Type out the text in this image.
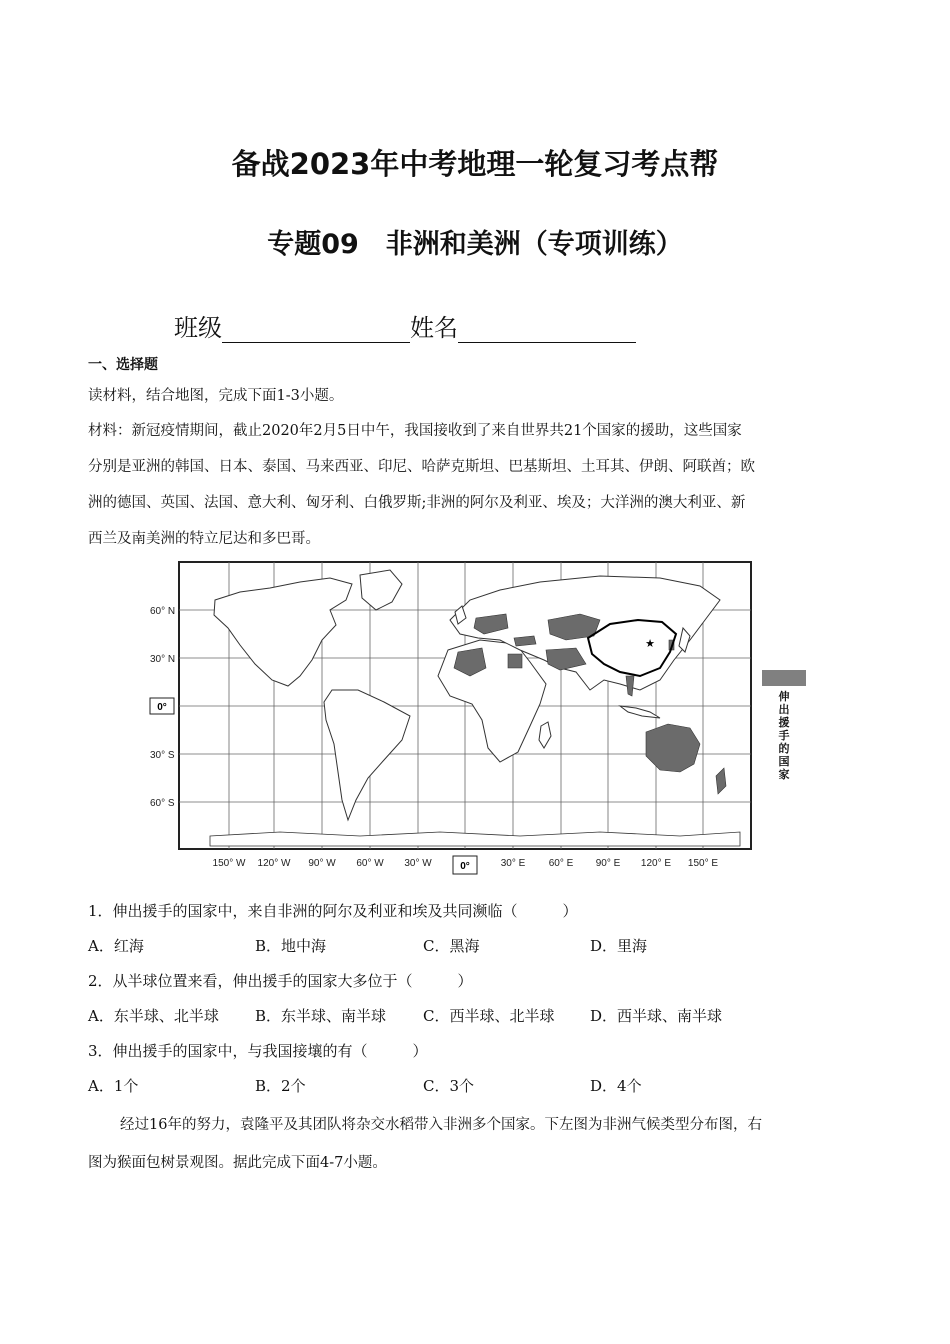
备战2023年中考地理一轮复习考点帮
专题09　非洲和美洲（专项训练）
班级	姓名
一、选择题
读材料，结合地图，完成下面1-3小题。
材料：新冠疫情期间，截止2020年2月5日中午，我国接收到了来自世界共21个国家的援助，这些国家
分别是亚洲的韩国、日本、泰国、马来西亚、印尼、哈萨克斯坦、巴基斯坦、土耳其、伊朗、阿联酋；欧
洲的德国、英国、法国、意大利、匈牙利、白俄罗斯;非洲的阿尔及利亚、埃及；大洋洲的澳大利亚、新
西兰及南美洲的特立尼达和多巴哥。
★
60° N
30° N
30° S
60° S
0°
150° W 120° W 90° W 60° W 30° W	30° E 60° E 90° E 120° E 150° E
0°
伸
出
援
手
的
国
家
1．伸出援手的国家中，来自非洲的阿尔及利亚和埃及共同濒临（　　　）
A．红海	B．地中海	C．黑海	D．里海
2．从半球位置来看，伸出援手的国家大多位于（　　　）
A．东半球、北半球 B．东半球、南半球 C．西半球、北半球 D．西半球、南半球
3．伸出援手的国家中，与我国接壤的有（　　　）
A．1个	B．2个	C．3个	D．4个
经过16年的努力，袁隆平及其团队将杂交水稻带入非洲多个国家。下左图为非洲气候类型分布图，右
图为猴面包树景观图。据此完成下面4-7小题。
